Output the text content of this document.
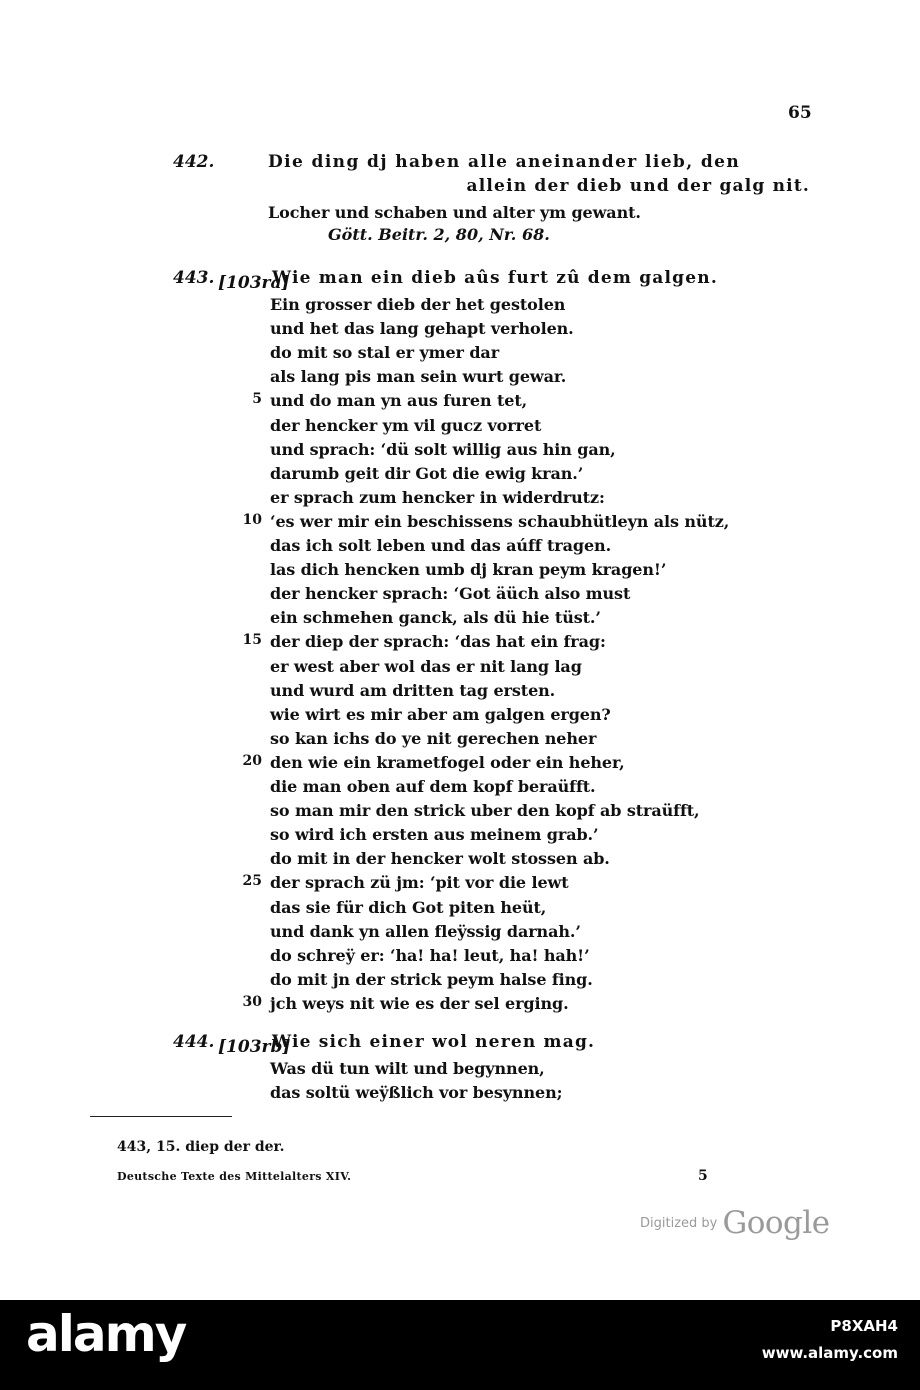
65
442.	Die ding dj haben alle aneinander lieb, den
allein der dieb und der galg nit.
Locher und schaben und alter ym gewant.
Gött. Beitr. 2, 80, Nr. 68.
443. [103ra]
Wie man ein dieb aûs furt zû dem galgen.
Ein grosser dieb der het gestolen
und het das lang gehapt verholen.
do mit so stal er ymer dar
als lang pis man sein wurt gewar.
und do man yn aus furen tet,
der hencker ym vil gucz vorret
und sprach: ‘dü solt willig aus hin gan,
darumb geit dir Got die ewig kran.’
er sprach zum hencker in widerdrutz:
‘es wer mir ein beschissens schaubhütleyn als nütz,
das ich solt leben und das aúff tragen.
las dich hencken umb dj kran peym kragen!’
der hencker sprach: ‘Got äüch also must
ein schmehen ganck, als dü hie tüst.’
der diep der sprach: ‘das hat ein frag:
er west aber wol das er nit lang lag
und wurd am dritten tag ersten.
wie wirt es mir aber am galgen ergen?
so kan ichs do ye nit gerechen neher
den wie ein krametfogel oder ein heher,
die man oben auf dem kopf beraüfft.
so man mir den strick uber den kopf ab straüfft,
so wird ich ersten aus meinem grab.’
do mit in der hencker wolt stossen ab.
der sprach zü jm: ‘pit vor die lewt
das sie für dich Got piten heüt,
und dank yn allen fleÿssig darnah.’
do schreÿ er: ‘ha! ha! leut, ha! hah!’
do mit jn der strick peym halse fing.
jch weys nit wie es der sel erging.
5
10
15
20
25
30
444. [103rb]
Wie sich einer wol neren mag.
Was dü tun wilt und begynnen,
das soltü weÿßlich vor besynnen;
443, 15. diep der der.
Deutsche Texte des Mittelalters XIV.	5
$^{Digitized by}$ Google
alamy	P8XAH4
www.alamy.com
